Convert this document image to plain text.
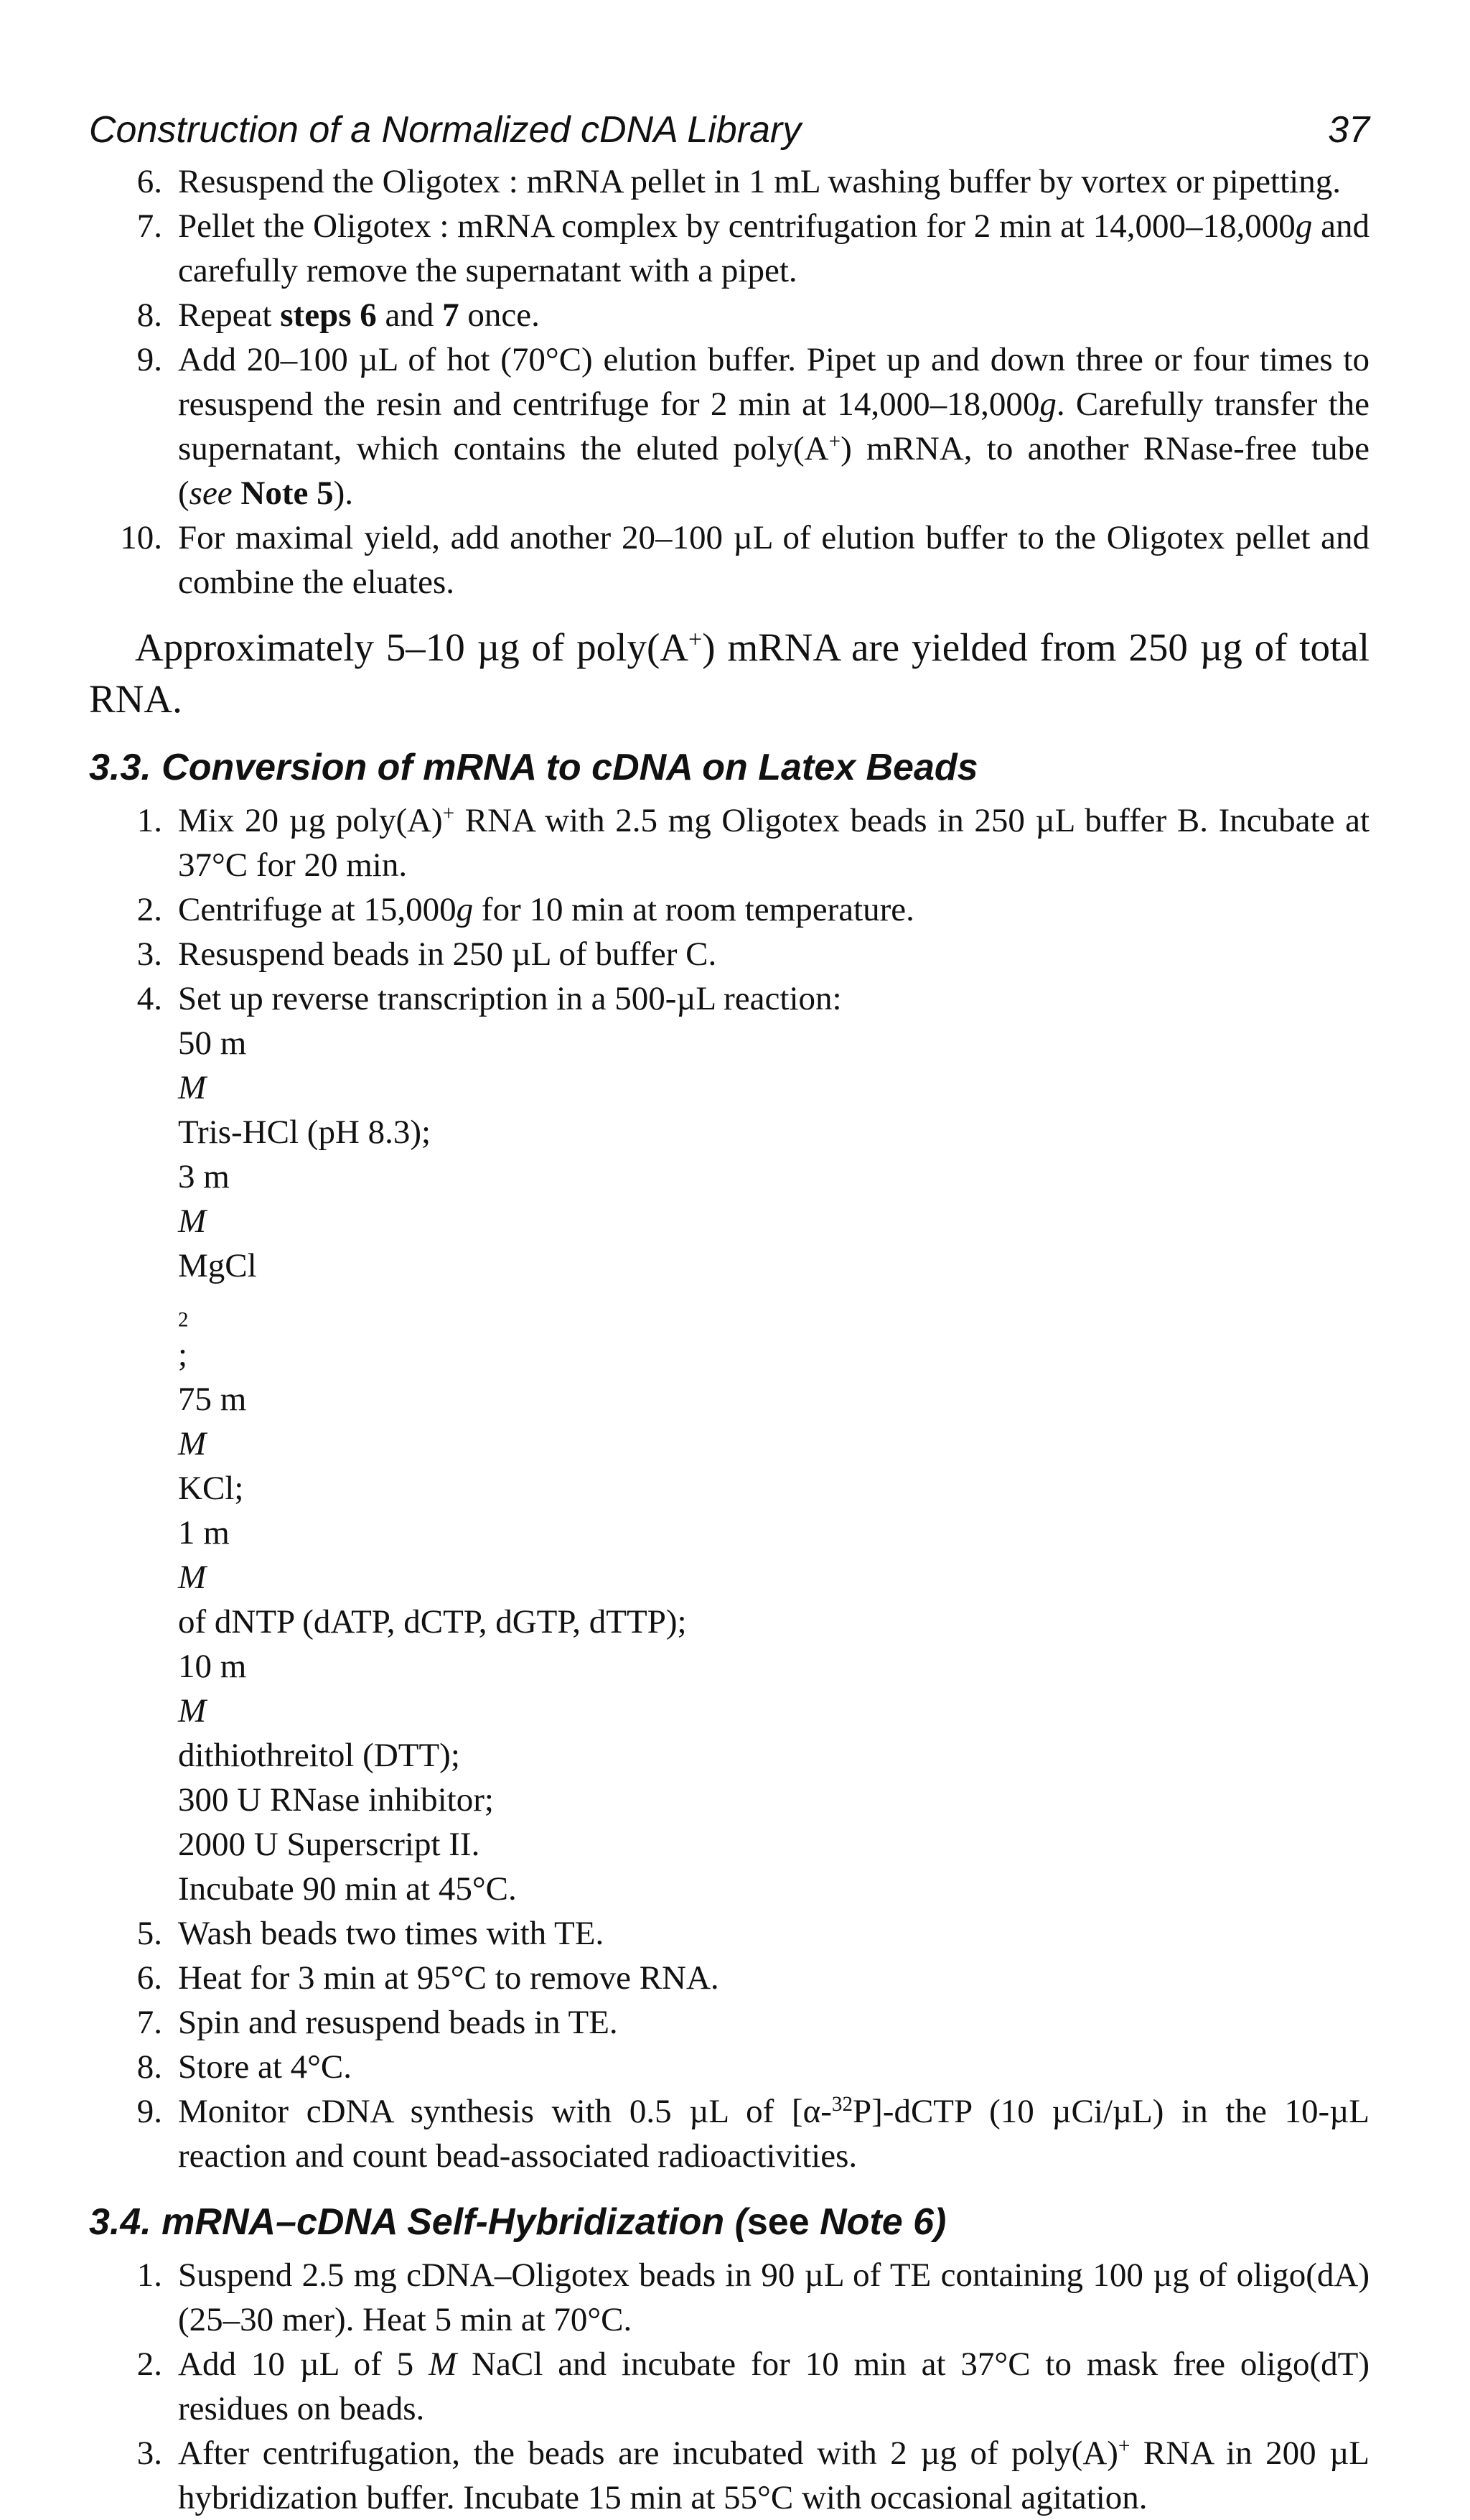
Construction of a Normalized cDNA Library	37
6. Resuspend the Oligotex : mRNA pellet in 1 mL washing buffer by vortex or pipetting.
7. Pellet the Oligotex : mRNA complex by centrifugation for 2 min at 14,000–18,000g and carefully remove the supernatant with a pipet.
8. Repeat steps 6 and 7 once.
9. Add 20–100 µL of hot (70°C) elution buffer. Pipet up and down three or four times to resuspend the resin and centrifuge for 2 min at 14,000–18,000g. Carefully transfer the supernatant, which contains the eluted poly(A+) mRNA, to another RNase-free tube (see Note 5).
10. For maximal yield, add another 20–100 µL of elution buffer to the Oligotex pellet and combine the eluates.

Approximately 5–10 µg of poly(A+) mRNA are yielded from 250 µg of total RNA.

3.3. Conversion of mRNA to cDNA on Latex Beads
1. Mix 20 µg poly(A)+ RNA with 2.5 mg Oligotex beads in 250 µL buffer B. Incubate at 37°C for 20 min.
2. Centrifuge at 15,000g for 10 min at room temperature.
3. Resuspend beads in 250 µL of buffer C.
4. Set up reverse transcription in a 500-µL reaction:
50 m
M
Tris-HCl (pH 8.3);
3 m
M
MgCl
$_2$
;
75 m
M
KCl;
1 m
M
of dNTP (dATP, dCTP, dGTP, dTTP);
10 m
M
dithiothreitol (DTT);
300 U RNase inhibitor;
2000 U Superscript II.
Incubate 90 min at 45°C.
5. Wash beads two times with TE.
6. Heat for 3 min at 95°C to remove RNA.
7. Spin and resuspend beads in TE.
8. Store at 4°C.
9. Monitor cDNA synthesis with 0.5 µL of [α-$^{32}$P]-dCTP (10 µCi/µL) in the 10-µL reaction and count bead-associated radioactivities.
3.4. mRNA–cDNA Self-Hybridization (see Note 6)
1. Suspend 2.5 mg cDNA–Oligotex beads in 90 µL of TE containing 100 µg of oligo(dA) (25–30 mer). Heat 5 min at 70°C.
2. Add 10 µL of 5 M NaCl and incubate for 10 min at 37°C to mask free oligo(dT) residues on beads.
3. After centrifugation, the beads are incubated with 2 µg of poly(A)+ RNA in 200 µL hybridization buffer. Incubate 15 min at 55°C with occasional agitation.
